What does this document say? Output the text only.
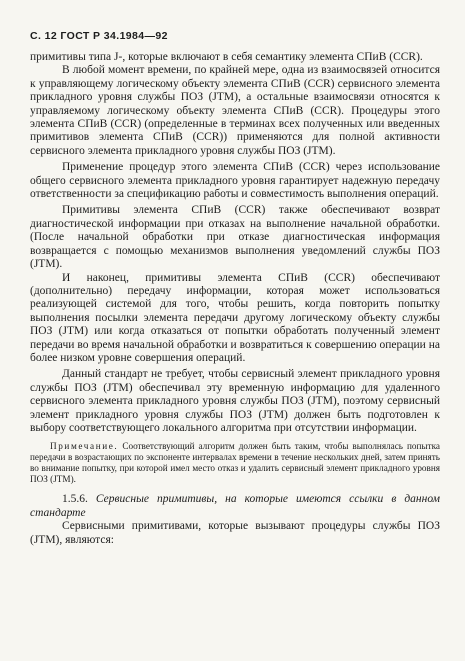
С. 12 ГОСТ Р 34.1984—92

примитивы типа J-, которые включают в себя семантику элемента СПиВ (CCR).

В любой момент времени, по крайней мере, одна из взаимосвязей относится к управляющему логическому объекту элемента СПиВ (CCR) сервисного элемента прикладного уровня службы ПОЗ (JTM), а остальные взаимосвязи относятся к управляемому логическому объекту элемента СПиВ (CCR). Процедуры этого элемента СПиВ (CCR) (определенные в терминах всех полученных или введенных примитивов элемента СПиВ (CCR)) применяются для полной активности сервисного элемента прикладного уровня службы ПОЗ (JTM).

Применение процедур этого элемента СПиВ (CCR) через использование общего сервисного элемента прикладного уровня гарантирует надежную передачу ответственности за спецификацию работы и совместимость выполнения операций.

Примитивы элемента СПиВ (CCR) также обеспечивают возврат диагностической информации при отказах на выполнение начальной обработки. (После начальной обработки при отказе диагностическая информация возвращается с помощью механизмов выполнения уведомлений службы ПОЗ (JTM).

И наконец, примитивы элемента СПиВ (CCR) обеспечивают (дополнительно) передачу информации, которая может использоваться реализующей системой для того, чтобы решить, когда повторить попытку выполнения посылки элемента передачи другому логическому объекту службы ПОЗ (JTM) или когда отказаться от попытки обработать полученный элемент передачи во время начальной обработки и возвратиться к совершению операции на более низком уровне совершения операций.

Данный стандарт не требует, чтобы сервисный элемент прикладного уровня службы ПОЗ (JTM) обеспечивал эту временную информацию для удаленного сервисного элемента прикладного уровня службы ПОЗ (JTM), поэтому сервисный элемент прикладного уровня службы ПОЗ (JTM) должен быть подготовлен к выбору соответствующего локального алгоритма при отсутствии информации.

Примечание. Соответствующий алгоритм должен быть таким, чтобы выполнялась попытка передачи в возрастающих по экспоненте интервалах времени в течение нескольких дней, затем принять во внимание попытку, при которой имел место отказ и удалить сервисный элемент прикладного уровня ПОЗ (JTM).
1.5.6. Сервисные примитивы, на которые имеются ссылки в данном стандарте

Сервисными примитивами, которые вызывают процедуры службы ПОЗ (JTM), являются:
